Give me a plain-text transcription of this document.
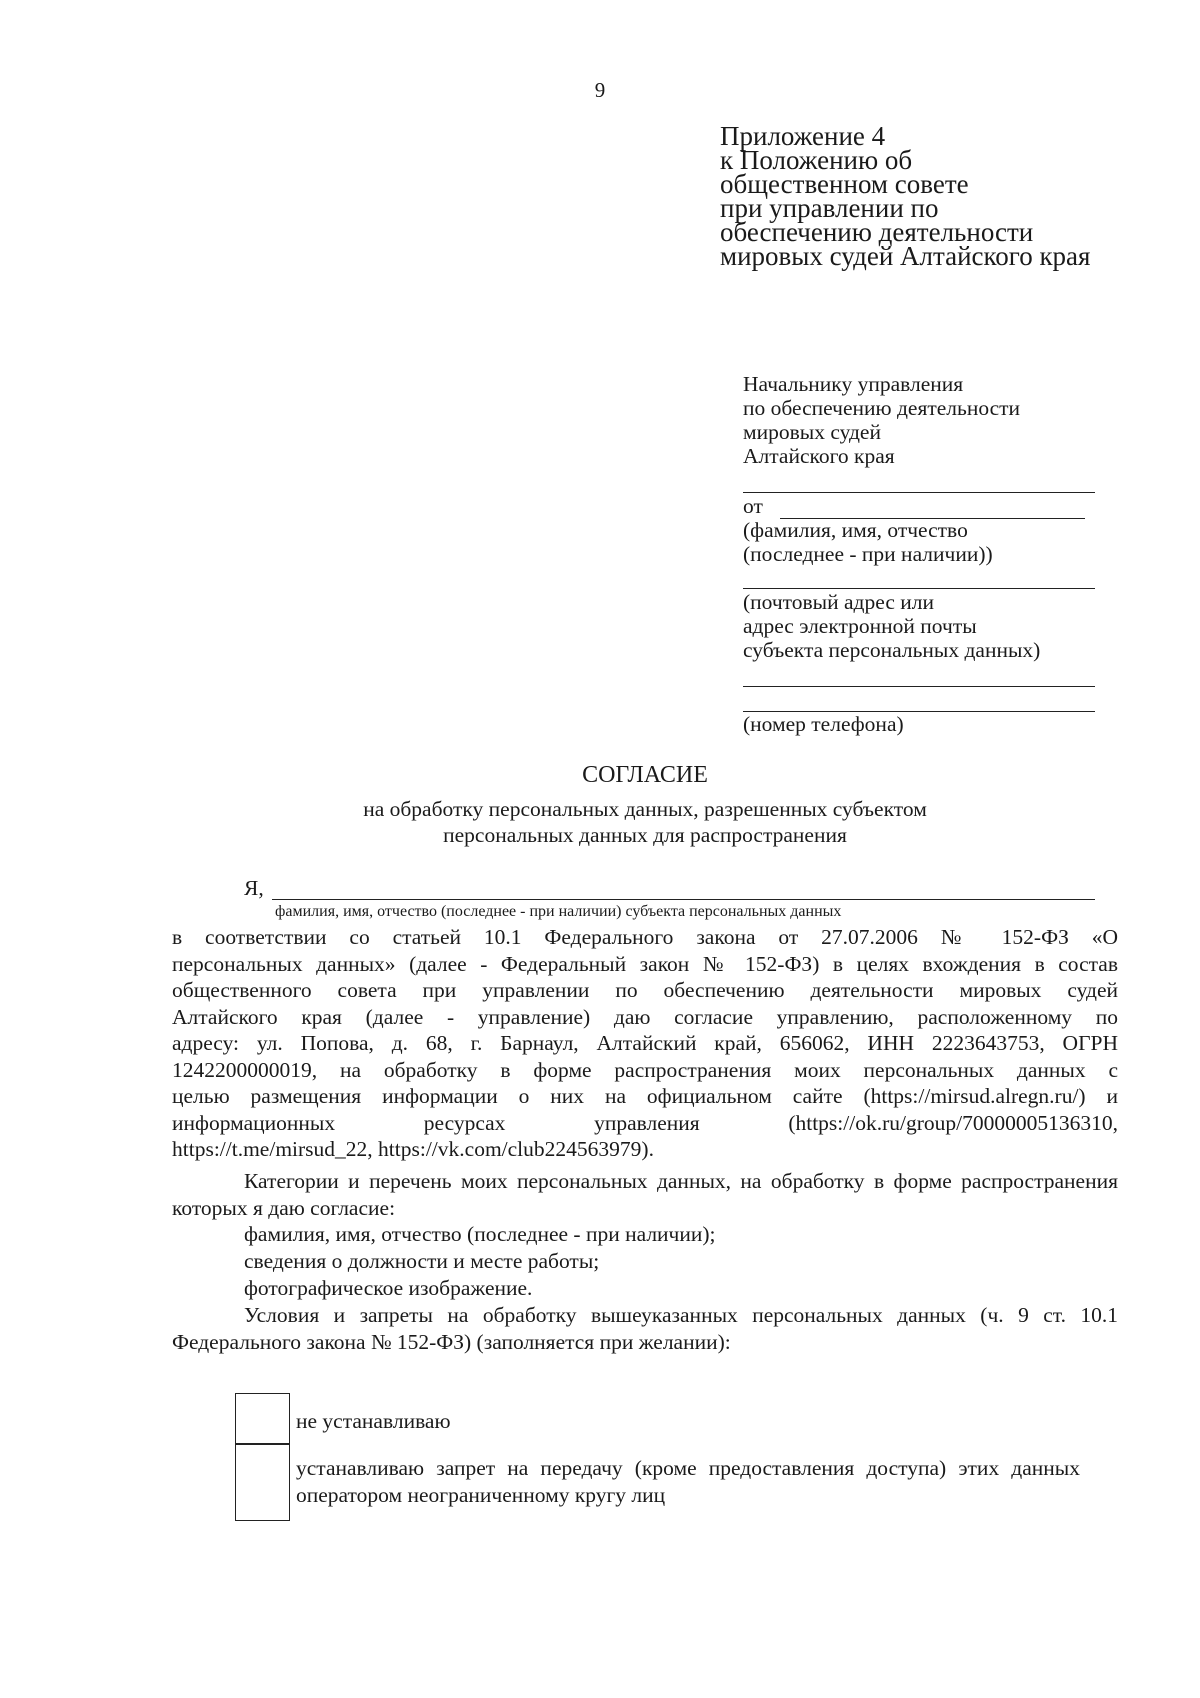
9
Приложение 4
к Положению об
общественном совете
при управлении по
обеспечению деятельности
мировых судей Алтайского края
Начальнику управления
по обеспечению деятельности
мировых судей
Алтайского края
от
(фамилия, имя, отчество
(последнее - при наличии))
(почтовый адрес или
адрес электронной почты
субъекта персональных данных)
(номер телефона)
СОГЛАСИЕ
на обработку персональных данных, разрешенных субъектом
персональных данных для распространения
Я,
фамилия, имя, отчество (последнее - при наличии) субъекта персональных данных
в соответствии со статьей 10.1 Федерального закона от 27.07.2006 № 152-ФЗ «О
персональных данных» (далее - Федеральный закон № 152-ФЗ) в целях вхождения в состав
общественного совета при управлении по обеспечению деятельности мировых судей
Алтайского края (далее - управление) даю согласие управлению, расположенному по
адресу: ул. Попова, д. 68, г. Барнаул, Алтайский край, 656062, ИНН 2223643753, ОГРН
1242200000019, на обработку в форме распространения моих персональных данных с
целью размещения информации о них на официальном сайте (https://mirsud.alregn.ru/) и
информационных ресурсах управления (https://ok.ru/group/70000005136310,
https://t.me/mirsud_22, https://vk.com/club224563979).
Категории и перечень моих персональных данных, на обработку в форме распространения которых я даю согласие:
фамилия, имя, отчество (последнее - при наличии);
сведения о должности и месте работы;
фотографическое изображение.
Условия и запреты на обработку вышеуказанных персональных данных (ч. 9 ст. 10.1 Федерального закона № 152-ФЗ) (заполняется при желании):
не устанавливаю
устанавливаю запрет на передачу (кроме предоставления доступа) этих данных оператором неограниченному кругу лиц
